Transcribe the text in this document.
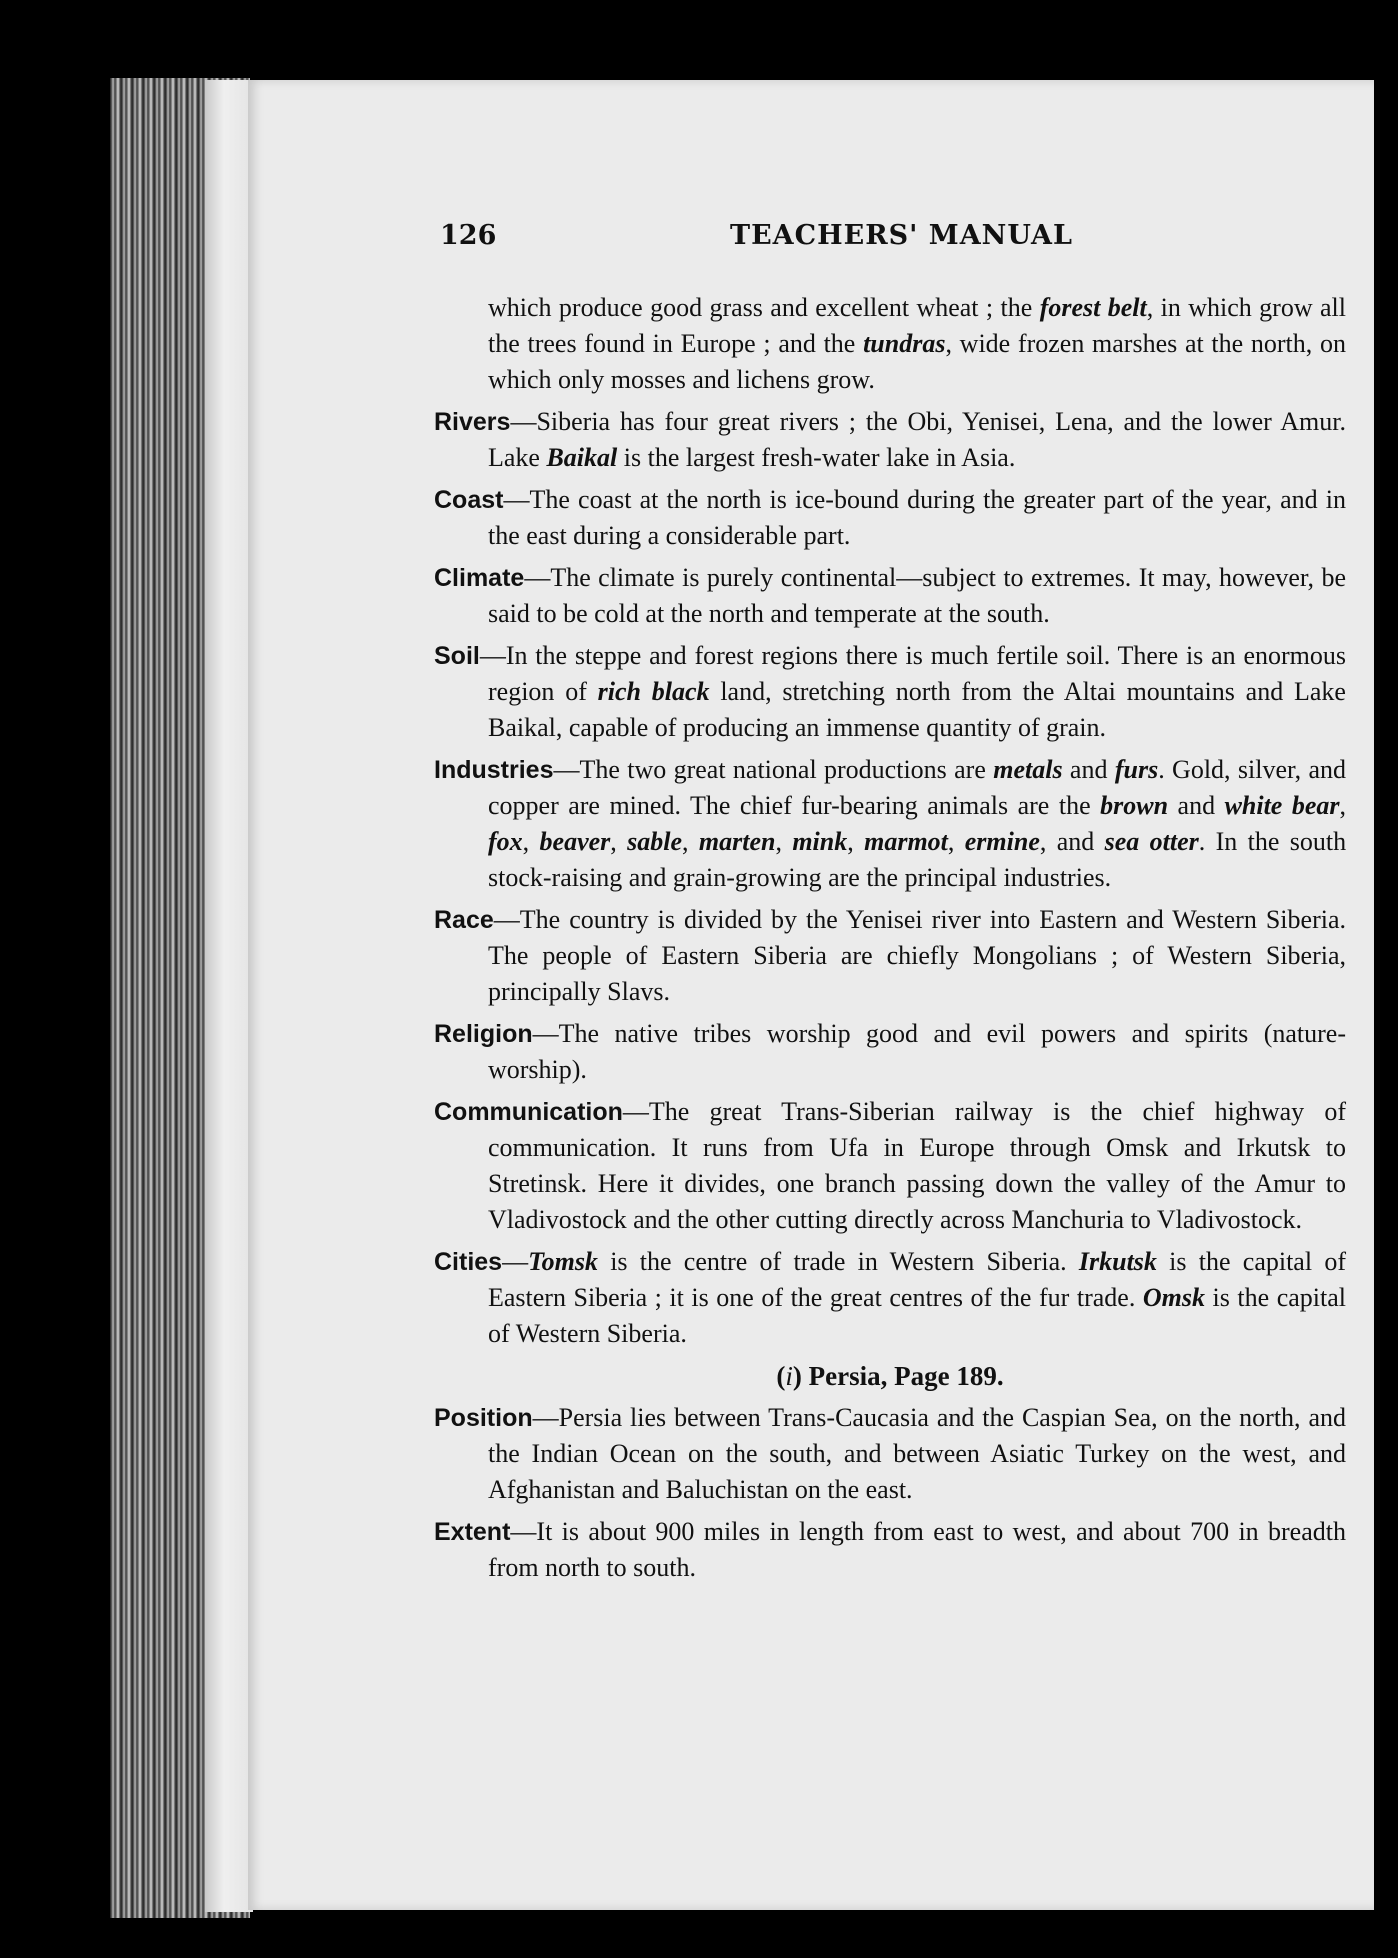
126	TEACHERS' MANUAL
which produce good grass and excellent wheat ; the forest belt, in which grow all the trees found in Europe ; and the tundras, wide frozen marshes at the north, on which only mosses and lichens grow.
Rivers—Siberia has four great rivers ; the Obi, Yenisei, Lena, and the lower Amur. Lake Baikal is the largest fresh-water lake in Asia.
Coast—The coast at the north is ice-bound during the greater part of the year, and in the east during a considerable part.
Climate—The climate is purely continental—subject to extremes. It may, however, be said to be cold at the north and temperate at the south.
Soil—In the steppe and forest regions there is much fertile soil. There is an enormous region of rich black land, stretching north from the Altai mountains and Lake Baikal, capable of producing an immense quantity of grain.
Industries—The two great national productions are metals and furs. Gold, silver, and copper are mined. The chief fur-bearing animals are the brown and white bear, fox, beaver, sable, marten, mink, marmot, ermine, and sea otter. In the south stock-raising and grain-growing are the principal industries.
Race—The country is divided by the Yenisei river into Eastern and Western Siberia. The people of Eastern Siberia are chiefly Mongolians ; of Western Siberia, principally Slavs.
Religion—The native tribes worship good and evil powers and spirits (nature-worship).
Communication—The great Trans-Siberian railway is the chief highway of communication. It runs from Ufa in Europe through Omsk and Irkutsk to Stretinsk. Here it divides, one branch passing down the valley of the Amur to Vladivostock and the other cutting directly across Manchuria to Vladivostock.
Cities—Tomsk is the centre of trade in Western Siberia. Irkutsk is the capital of Eastern Siberia ; it is one of the great centres of the fur trade. Omsk is the capital of Western Siberia.
(i) Persia, Page 189.
Position—Persia lies between Trans-Caucasia and the Caspian Sea, on the north, and the Indian Ocean on the south, and between Asiatic Turkey on the west, and Afghanistan and Baluchistan on the east.
Extent—It is about 900 miles in length from east to west, and about 700 in breadth from north to south.
